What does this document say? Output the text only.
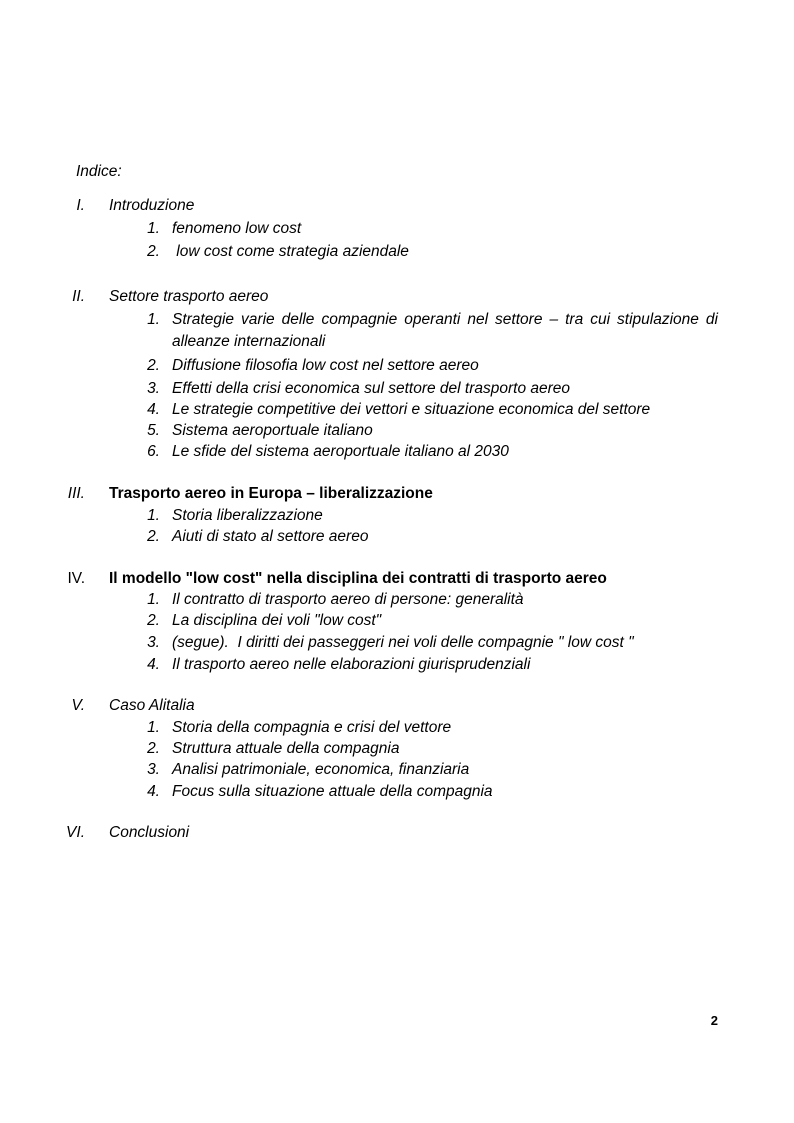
Indice:
I. Introduzione
1. fenomeno low cost
2. low cost come strategia aziendale
II. Settore trasporto aereo
1. Strategie varie delle compagnie operanti nel settore – tra cui stipulazione di alleanze internazionali
2. Diffusione filosofia low cost nel settore aereo
3. Effetti della crisi economica sul settore del trasporto aereo
4. Le strategie competitive dei vettori e situazione economica del settore
5. Sistema aeroportuale italiano
6. Le sfide del sistema aeroportuale italiano al 2030
III. Trasporto aereo in Europa – liberalizzazione
1. Storia liberalizzazione
2. Aiuti di stato al settore aereo
IV. Il modello "low cost" nella disciplina dei contratti di trasporto aereo
1. Il contratto di trasporto aereo di persone: generalità
2. La disciplina dei voli "low cost"
3. (segue).  I diritti dei passeggeri nei voli delle compagnie " low cost "
4. Il trasporto aereo nelle elaborazioni giurisprudenziali
V. Caso Alitalia
1. Storia della compagnia e crisi del vettore
2. Struttura attuale della compagnia
3. Analisi patrimoniale, economica, finanziaria
4. Focus sulla situazione attuale della compagnia
VI. Conclusioni
2
